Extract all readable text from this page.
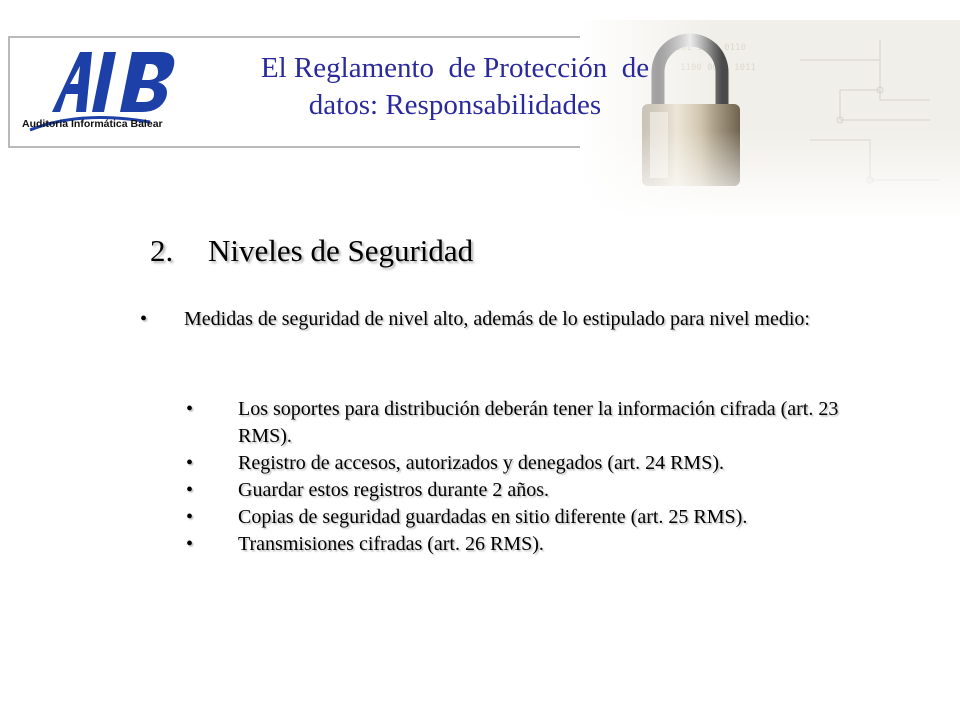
Auditoria Informática Balear
El Reglamento  de Protección  de
datos: Responsabilidades
2. Niveles de Seguridad
• Medidas de seguridad de nivel alto, además de lo estipulado para nivel medio:

• Los soportes para distribución deberán tener la información cifrada (art. 23 RMS).

• Registro de accesos, autorizados y denegados (art. 24 RMS).

• Guardar estos registros durante 2 años.

• Copias de seguridad guardadas en sitio diferente (art. 25 RMS).

• Transmisiones cifradas (art. 26 RMS).
